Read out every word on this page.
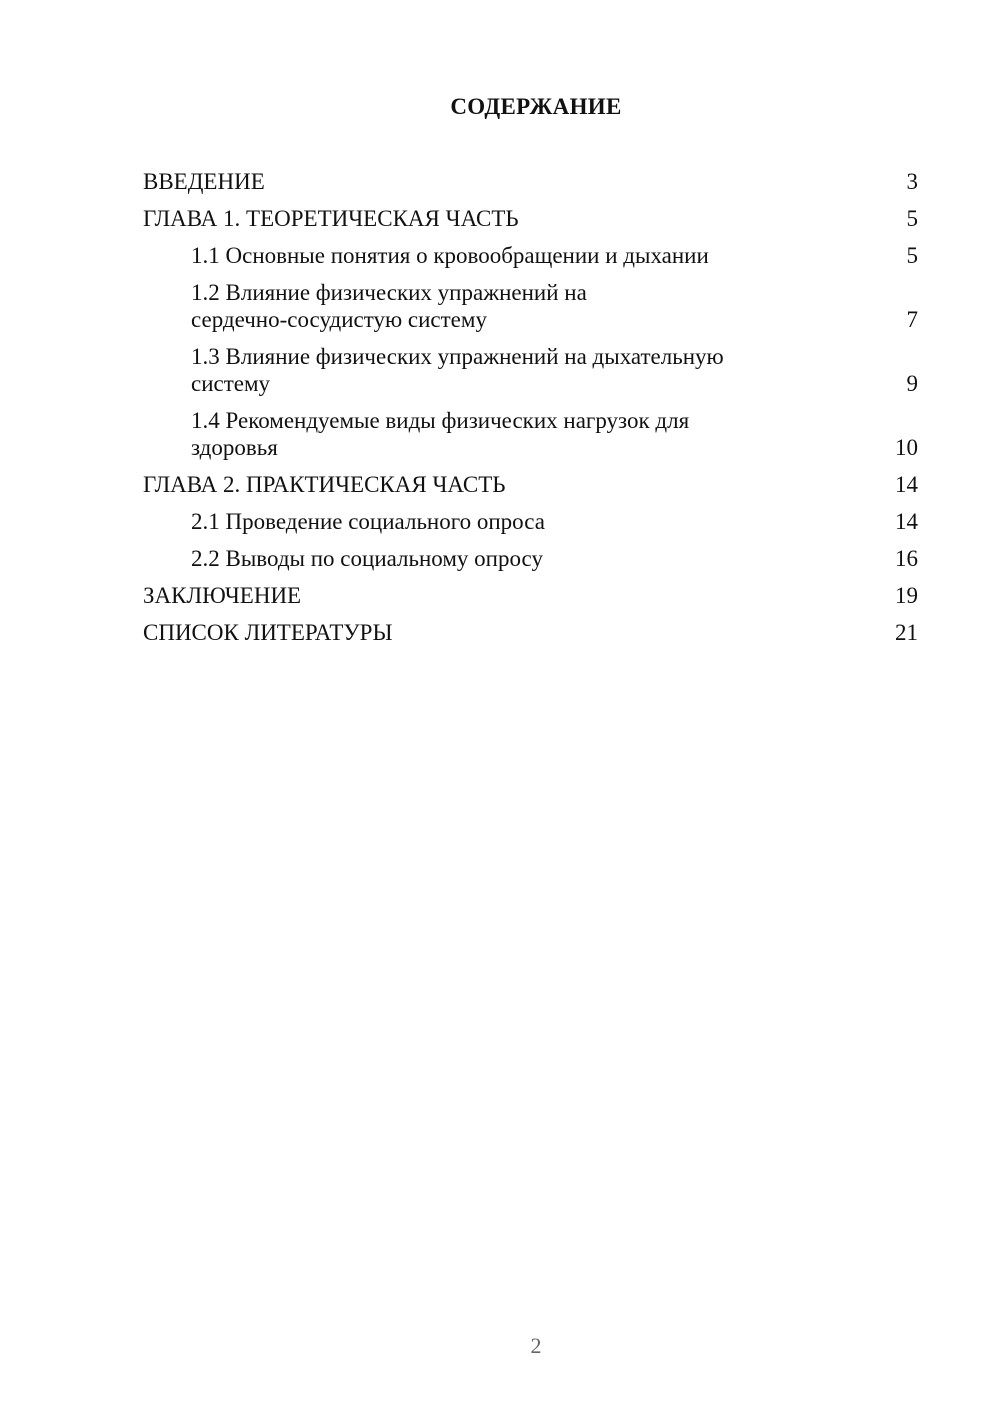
СОДЕРЖАНИЕ
ВВЕДЕНИЕ	3
ГЛАВА 1. ТЕОРЕТИЧЕСКАЯ ЧАСТЬ	5
1.1 Основные понятия о кровообращении и дыхании	5
1.2 Влияние физических упражнений на сердечно-сосудистую систему	7
1.3 Влияние физических упражнений на дыхательную систему	9
1.4 Рекомендуемые виды физических нагрузок для здоровья	10
ГЛАВА 2. ПРАКТИЧЕСКАЯ ЧАСТЬ	14
2.1 Проведение социального опроса	14
2.2 Выводы по социальному опросу	16
ЗАКЛЮЧЕНИЕ	19
СПИСОК ЛИТЕРАТУРЫ	21
2
